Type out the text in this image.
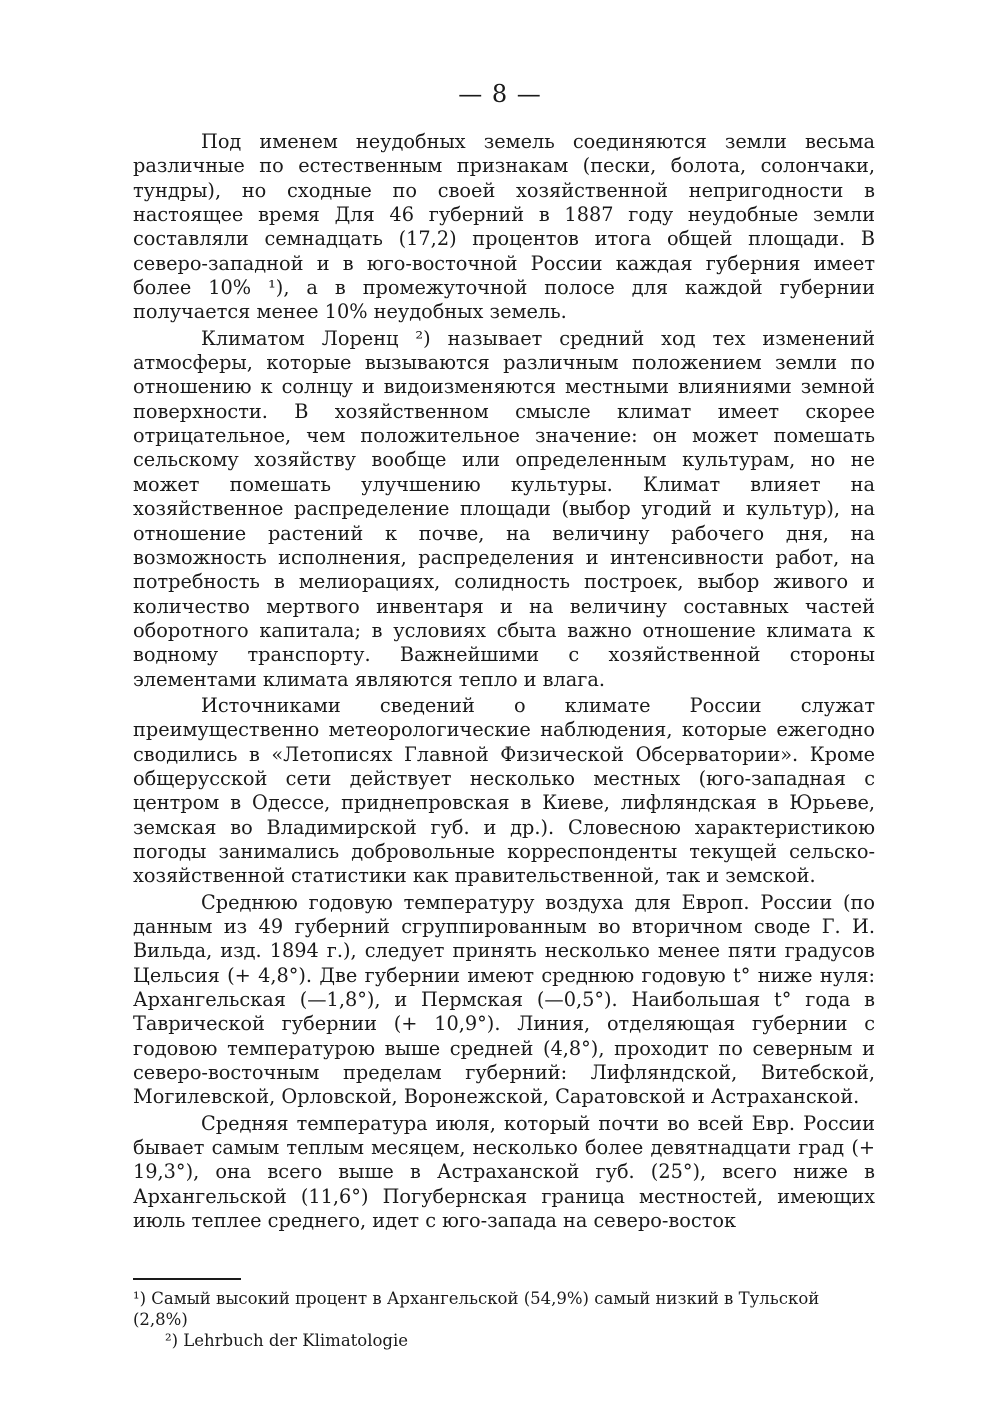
— 8 —

Под именем неудобных земель соединяются земли весьма различные по естественным признакам (пески, болота, солончаки, тундры), но сходные по своей хозяйственной непригодности в настоящее время Для 46 губерний в 1887 году неудобные земли составляли семнадцать (17,2) процентов итога общей площади. В северо-западной и в юго-восточной России каждая губерния имеет более 10% ¹), а в промежуточной полосе для каждой губернии получается менее 10% неудобных земель.

Климатом Лоренц ²) называет средний ход тех изменений атмосферы, которые вызываются различным положением земли по отношению к солнцу и видоизменяются местными влияниями земной поверхности. В хозяйственном смысле климат имеет скорее отрицательное, чем положительное значение: он может помешать сельскому хозяйству вообще или определенным культурам, но не может помешать улучшению культуры. Климат влияет на хозяйственное распределение площади (выбор угодий и культур), на отношение растений к почве, на величину рабочего дня, на возможность исполнения, распределения и интенсивности работ, на потребность в мелиорациях, солидность построек, выбор живого и количество мертвого инвентаря и на величину составных частей оборотного капитала; в условиях сбыта важно отношение климата к водному транспорту. Важнейшими с хозяйственной стороны элементами климата являются тепло и влага.

Источниками сведений о климате России служат преимущественно метеорологические наблюдения, которые ежегодно сводились в «Летописях Главной Физической Обсерватории». Кроме общерусской сети действует несколько местных (юго-западная с центром в Одессе, приднепровская в Киеве, лифляндская в Юрьеве, земская во Владимирской губ. и др.). Словесною характеристикою погоды занимались добровольные корреспонденты текущей сельско-хозяйственной статистики как правительственной, так и земской.

Среднюю годовую температуру воздуха для Европ. России (по данным из 49 губерний сгруппированным во вторичном своде Г. И. Вильда, изд. 1894 г.), следует принять несколько менее пяти градусов Цельсия (+ 4,8°). Две губернии имеют среднюю годовую t° ниже нуля: Архангельская (—1,8°), и Пермская (—0,5°). Наибольшая t° года в Таврической губернии (+ 10,9°). Линия, отделяющая губернии с годовою температурою выше средней (4,8°), проходит по северным и северо-восточным пределам губерний: Лифляндской, Витебской, Могилевской, Орловской, Воронежской, Саратовской и Астраханской.

Средняя температура июля, который почти во всей Евр. России бывает самым теплым месяцем, несколько более девятнадцати град (+ 19,3°), она всего выше в Астраханской губ. (25°), всего ниже в Архангельской (11,6°) Погубернская граница местностей, имеющих июль теплее среднего, идет с юго-запада на северо-восток

¹) Самый высокий процент в Архангельской (54,9%) самый низкий в Тульской (2,8%)

²) Lehrbuch der Klimatologie
